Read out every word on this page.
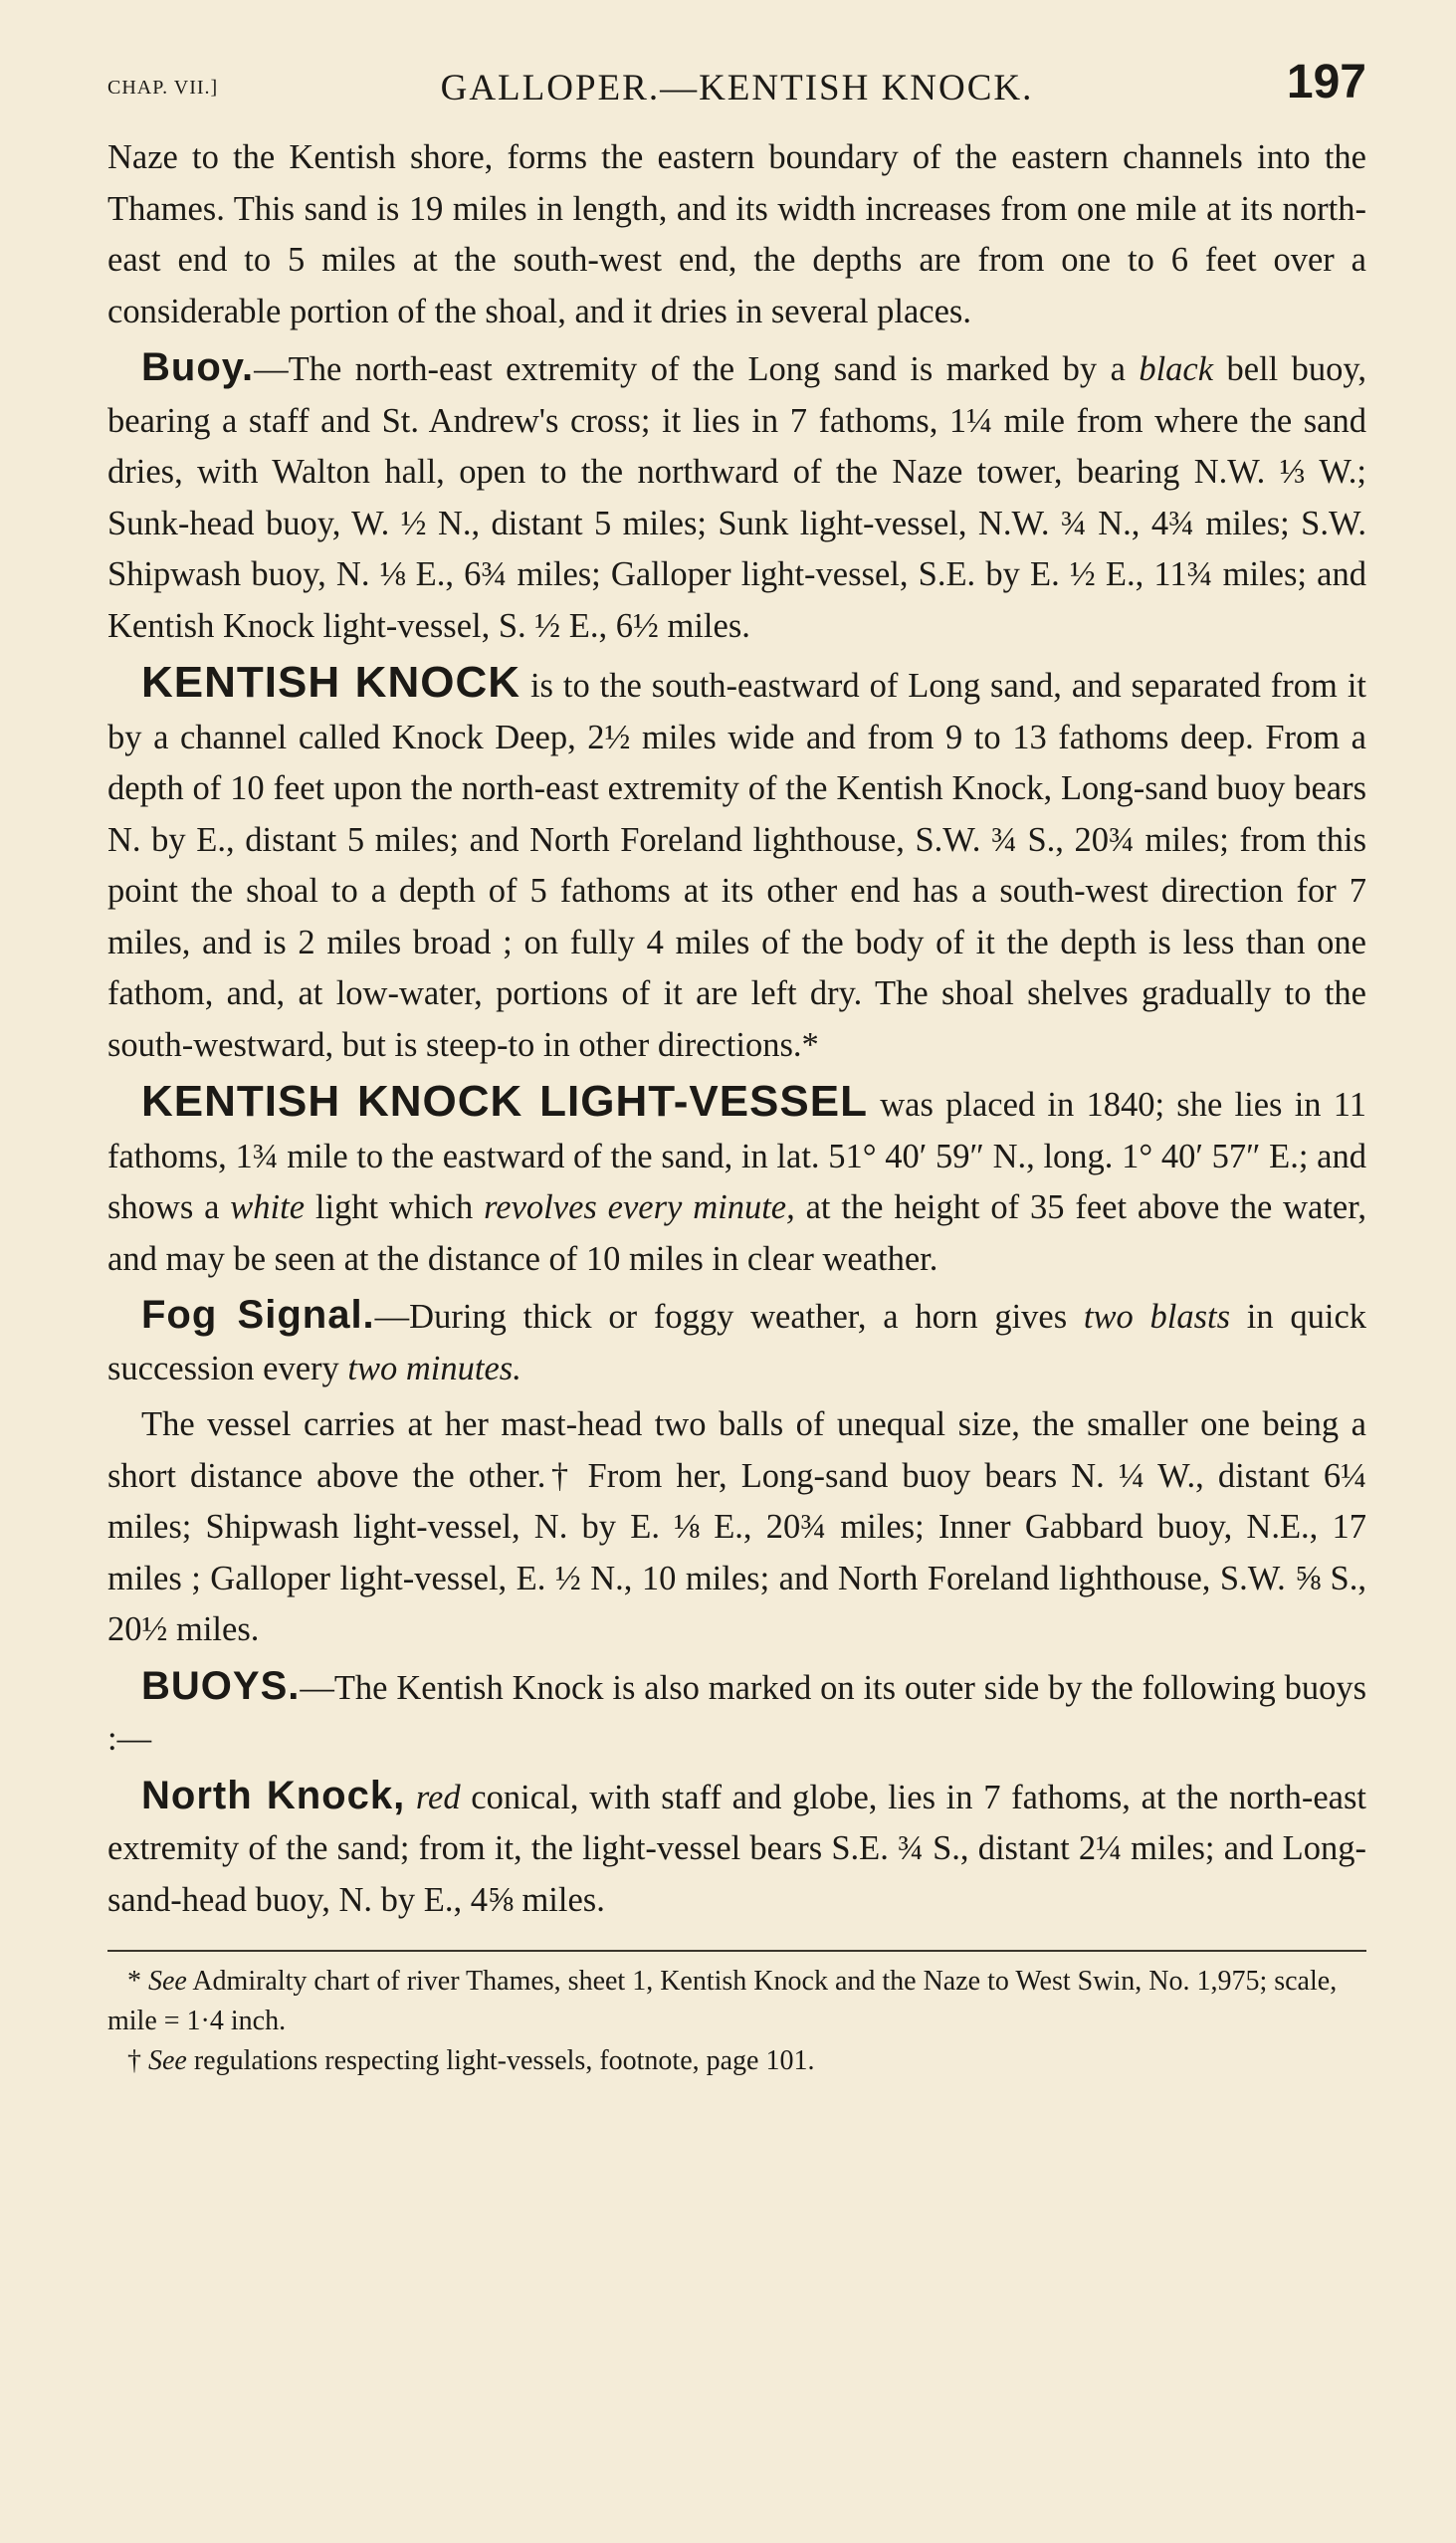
CHAP. VII.]	GALLOPER.—KENTISH KNOCK.	197

Naze to the Kentish shore, forms the eastern boundary of the eastern channels into the Thames. This sand is 19 miles in length, and its width increases from one mile at its north-east end to 5 miles at the south-west end, the depths are from one to 6 feet over a considerable portion of the shoal, and it dries in several places.

Buoy.—The north-east extremity of the Long sand is marked by a black bell buoy, bearing a staff and St. Andrew's cross; it lies in 7 fathoms, 1¼ mile from where the sand dries, with Walton hall, open to the northward of the Naze tower, bearing N.W. ⅓ W.; Sunk-head buoy, W. ½ N., distant 5 miles; Sunk light-vessel, N.W. ¾ N., 4¾ miles; S.W. Shipwash buoy, N. ⅛ E., 6¾ miles; Galloper light-vessel, S.E. by E. ½ E., 11¾ miles; and Kentish Knock light-vessel, S. ½ E., 6½ miles.

KENTISH KNOCK is to the south-eastward of Long sand, and separated from it by a channel called Knock Deep, 2½ miles wide and from 9 to 13 fathoms deep. From a depth of 10 feet upon the north-east extremity of the Kentish Knock, Long-sand buoy bears N. by E., distant 5 miles; and North Foreland lighthouse, S.W. ¾ S., 20¾ miles; from this point the shoal to a depth of 5 fathoms at its other end has a south-west direction for 7 miles, and is 2 miles broad ; on fully 4 miles of the body of it the depth is less than one fathom, and, at low-water, portions of it are left dry. The shoal shelves gradually to the south-westward, but is steep-to in other directions.*

KENTISH KNOCK LIGHT-VESSEL was placed in 1840; she lies in 11 fathoms, 1¾ mile to the eastward of the sand, in lat. 51° 40′ 59″ N., long. 1° 40′ 57″ E.; and shows a white light which revolves every minute, at the height of 35 feet above the water, and may be seen at the distance of 10 miles in clear weather.

Fog Signal.—During thick or foggy weather, a horn gives two blasts in quick succession every two minutes.

The vessel carries at her mast-head two balls of unequal size, the smaller one being a short distance above the other.† From her, Long-sand buoy bears N. ¼ W., distant 6¼ miles; Shipwash light-vessel, N. by E. ⅛ E., 20¾ miles; Inner Gabbard buoy, N.E., 17 miles ; Galloper light-vessel, E. ½ N., 10 miles; and North Foreland lighthouse, S.W. ⅝ S., 20½ miles.

BUOYS.—The Kentish Knock is also marked on its outer side by the following buoys :—

North Knock, red conical, with staff and globe, lies in 7 fathoms, at the north-east extremity of the sand; from it, the light-vessel bears S.E. ¾ S., distant 2¼ miles; and Long-sand-head buoy, N. by E., 4⅝ miles.

* See Admiralty chart of river Thames, sheet 1, Kentish Knock and the Naze to West Swin, No. 1,975; scale, mile = 1·4 inch.

† See regulations respecting light-vessels, footnote, page 101.
